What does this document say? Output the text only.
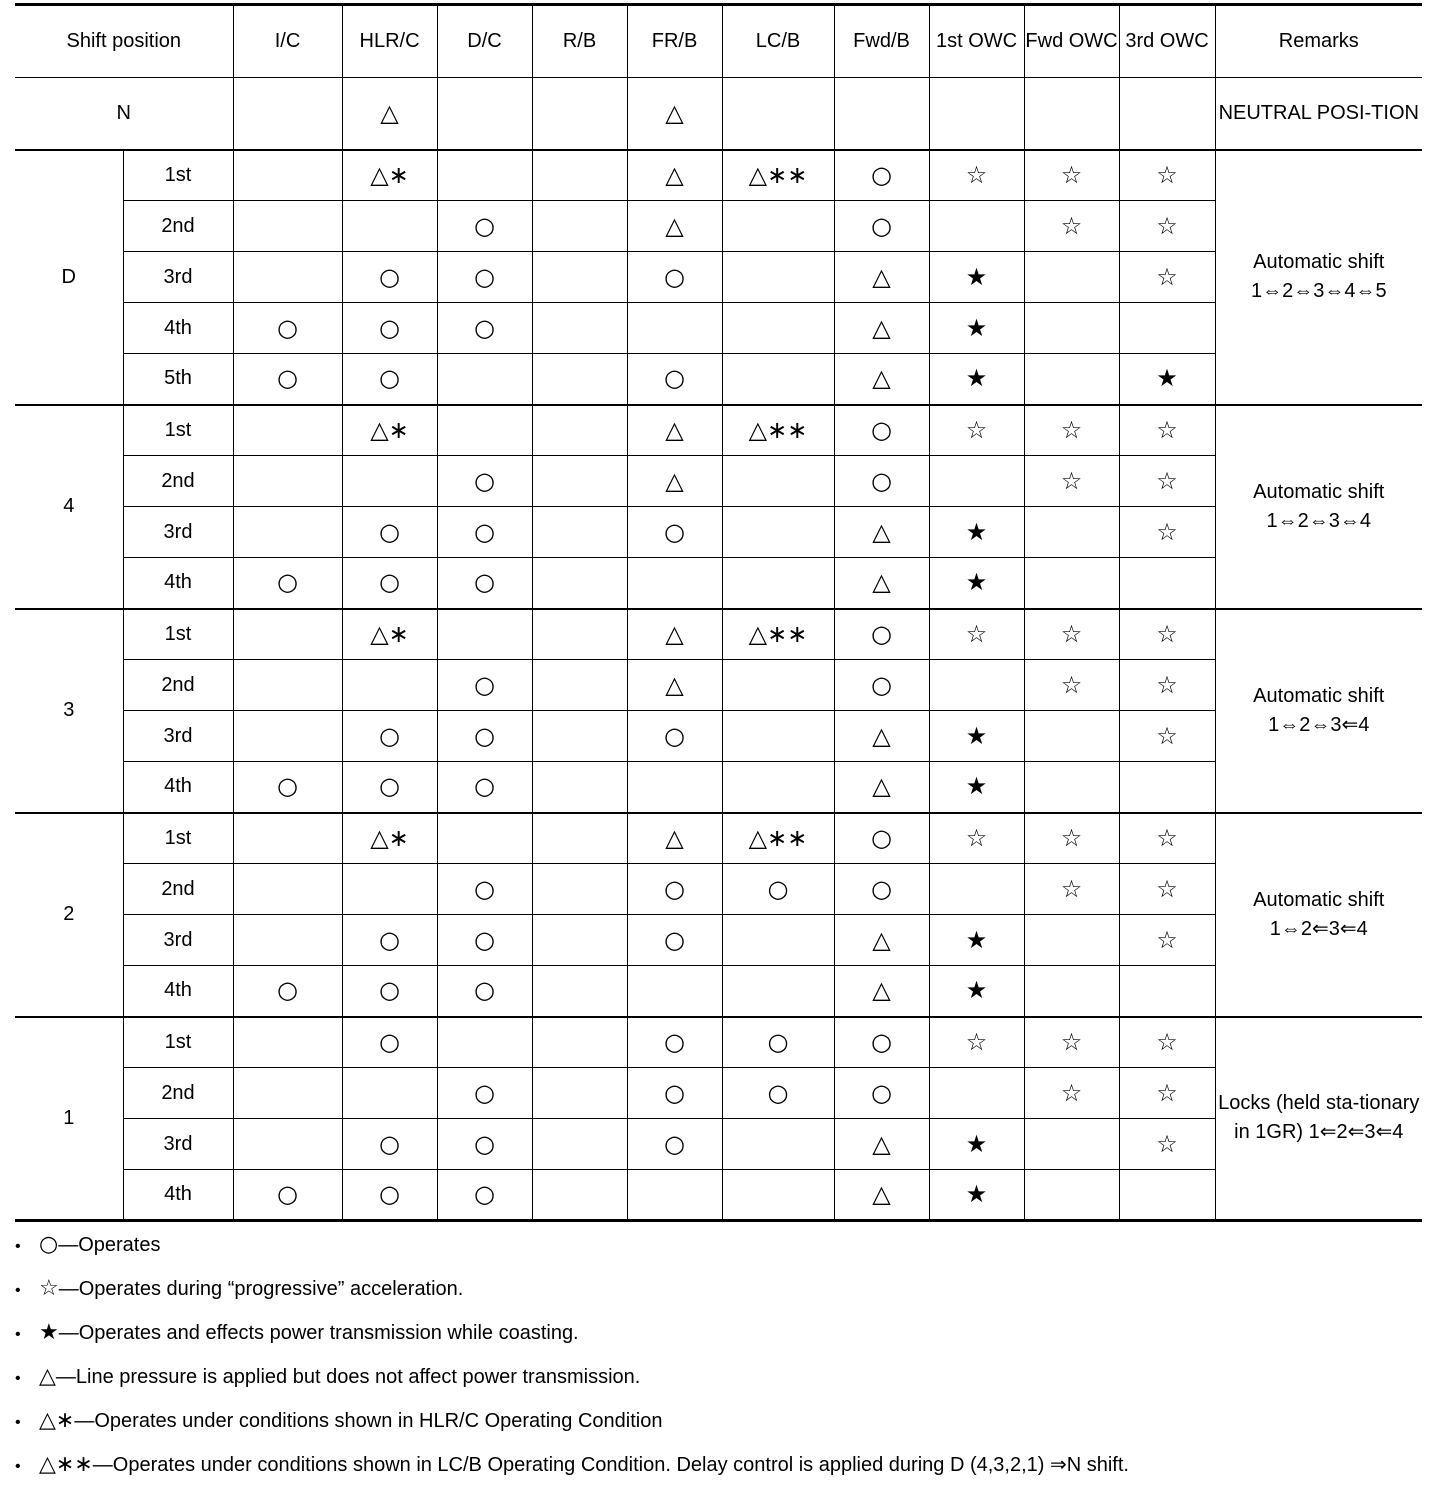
Shift position		I/C	HLR/C	D/C	R/B	FR/B	LC/B	Fwd/B	1st OWC	Fwd OWC	3rd OWC	Remarks
N			△			△						NEUTRAL POSI-TION
D	1st		△∗			△	△∗∗	○	☆	☆	☆	Automatic shift 1⇔2⇔3⇔4⇔5
	2nd			○		△		○		☆	☆	
	3rd		○	○		○		△	★		☆	
	4th	○	○	○				△	★			
	5th	○	○			○		△	★		★	
4	1st		△∗			△	△∗∗	○	☆	☆	☆	Automatic shift 1⇔2⇔3⇔4
	2nd			○		△		○		☆	☆	
	3rd		○	○		○		△	★		☆	
	4th	○	○	○				△	★			
3	1st		△∗			△	△∗∗	○	☆	☆	☆	Automatic shift 1⇔2⇔3⇐4
	2nd			○		△		○		☆	☆	
	3rd		○	○		○		△	★		☆	
	4th	○	○	○				△	★			
2	1st		△∗			△	△∗∗	○	☆	☆	☆	Automatic shift 1⇔2⇐3⇐4
	2nd			○		○	○	○		☆	☆	
	3rd		○	○		○		△	★		☆	
	4th	○	○	○				△	★			
1	1st		○			○	○	○	☆	☆	☆	Locks (held sta-tionary in 1GR) 1⇐2⇐3⇐4
	2nd			○		○	○	○		☆	☆	
	3rd		○	○		○		△	★		☆	
	4th	○	○	○				△	★			
• ○—Operates
• ☆—Operates during “progressive” acceleration.
• ★—Operates and effects power transmission while coasting.
• △—Line pressure is applied but does not affect power transmission.
• △∗—Operates under conditions shown in HLR/C Operating Condition
• △∗∗—Operates under conditions shown in LC/B Operating Condition. Delay control is applied during D (4,3,2,1) ⇒N shift.
